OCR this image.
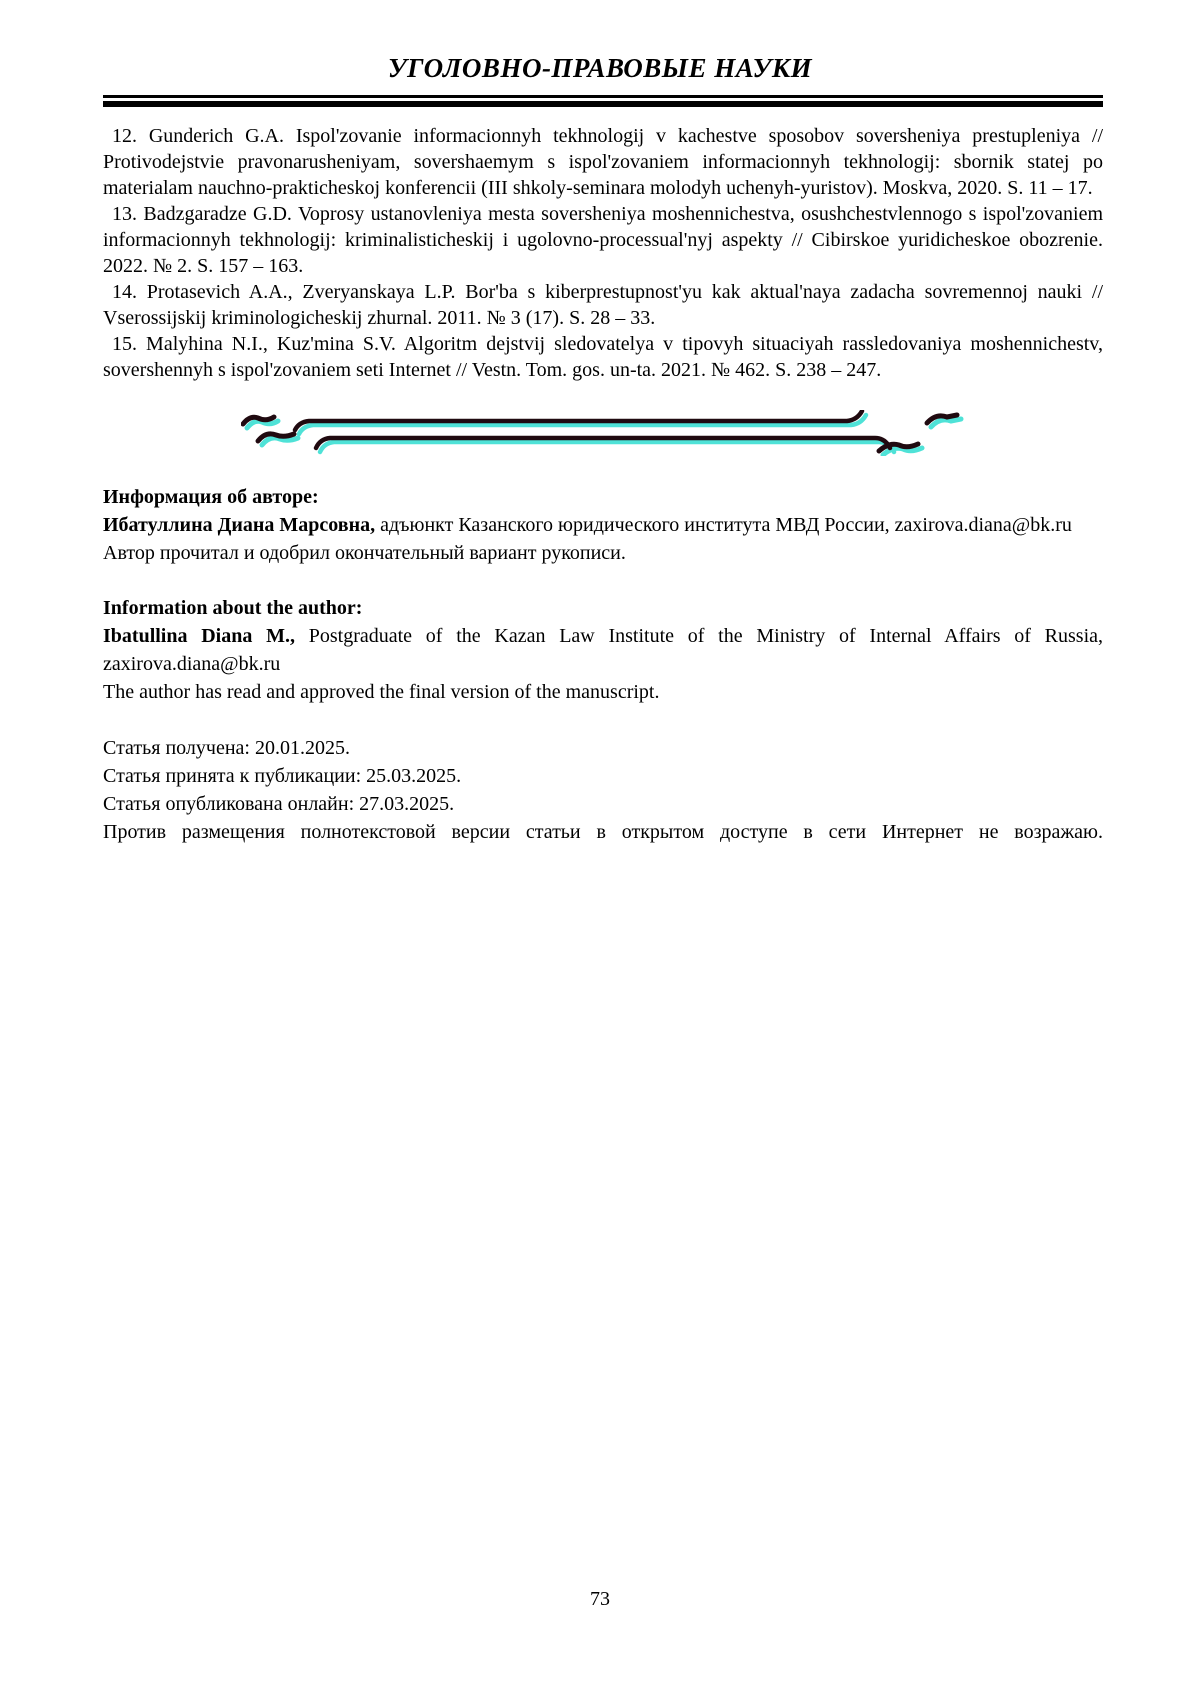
УГОЛОВНО-ПРАВОВЫЕ НАУКИ

12. Gunderich G.A. Ispol'zovanie informacionnyh tekhnologij v kachestve sposobov soversheniya prestupleniya // Protivodejstvie pravonarusheniyam, sovershaemym s ispol'zovaniem informacionnyh tekhnologij: sbornik statej po materialam nauchno-prakticheskoj konferencii (III shkoly-seminara molodyh uchenyh-yuristov). Moskva, 2020. S. 11 – 17.

13. Badzgaradze G.D. Voprosy ustanovleniya mesta soversheniya moshennichestva, osushchestvlennogo s ispol'zovaniem informacionnyh tekhnologij: kriminalisticheskij i ugolovno-processual'nyj aspekty // Cibirskoe yuridicheskoe obozrenie. 2022. № 2. S. 157 – 163.

14. Protasevich A.A., Zveryanskaya L.P. Bor'ba s kiberprestupnost'yu kak aktual'naya zadacha sovremennoj nauki // Vserossijskij kriminologicheskij zhurnal. 2011. № 3 (17). S. 28 – 33.

15. Malyhina N.I., Kuz'mina S.V. Algoritm dejstvij sledovatelya v tipovyh situaciyah rassledovaniya moshennichestv, sovershennyh s ispol'zovaniem seti Internet // Vestn. Tom. gos. un-ta. 2021. № 462. S. 238 – 247.

Информация об авторе:

Ибатуллина Диана Марсовна, адъюнкт Казанского юридического института МВД России, zaxirova.diana@bk.ru

Автор прочитал и одобрил окончательный вариант рукописи.

Information about the author:

Ibatullina Diana M., Postgraduate of the Kazan Law Institute of the Ministry of Internal Affairs of Russia, zaxirova.diana@bk.ru

The author has read and approved the final version of the manuscript.

Статья получена: 20.01.2025.

Статья принята к публикации: 25.03.2025.

Статья опубликована онлайн: 27.03.2025.

Против размещения полнотекстовой версии статьи в открытом доступе в сети Интернет не возражаю.

73
